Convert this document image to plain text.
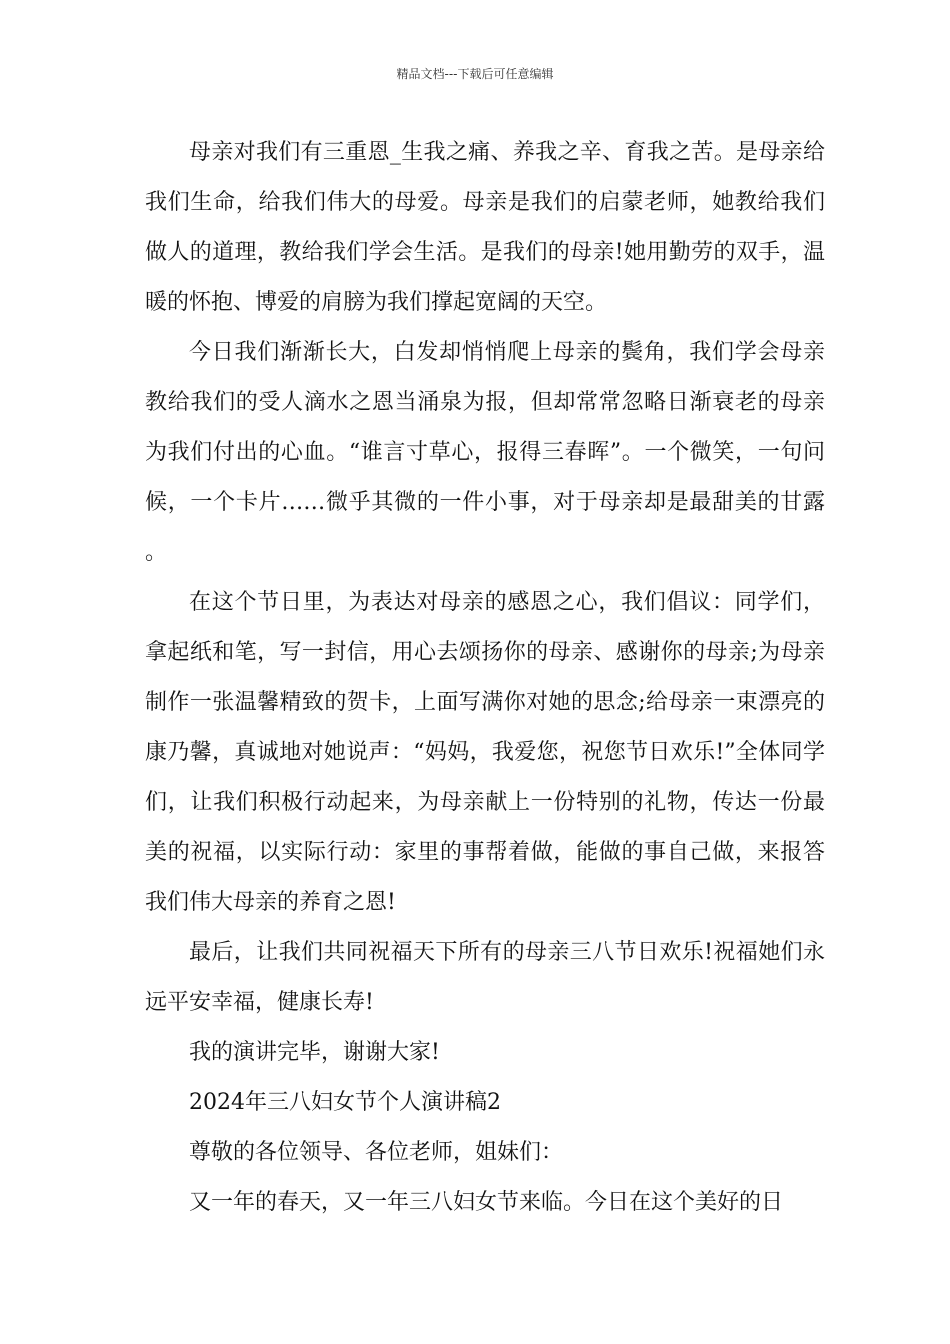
精品文档---下载后可任意编辑

母亲对我们有三重恩_生我之痛、养我之辛、育我之苦。是母亲给我们生命，给我们伟大的母爱。母亲是我们的启蒙老师，她教给我们做人的道理，教给我们学会生活。是我们的母亲!她用勤劳的双手，温暖的怀抱、博爱的肩膀为我们撑起宽阔的天空。

今日我们渐渐长大，白发却悄悄爬上母亲的鬓角，我们学会母亲教给我们的受人滴水之恩当涌泉为报，但却常常忽略日渐衰老的母亲为我们付出的心血。“谁言寸草心，报得三春晖”。一个微笑，一句问候，一个卡片……微乎其微的一件小事，对于母亲却是最甜美的甘露。

在这个节日里，为表达对母亲的感恩之心，我们倡议：同学们，拿起纸和笔，写一封信，用心去颂扬你的母亲、感谢你的母亲;为母亲制作一张温馨精致的贺卡，上面写满你对她的思念;给母亲一束漂亮的康乃馨，真诚地对她说声：“妈妈，我爱您，祝您节日欢乐!”全体同学们，让我们积极行动起来，为母亲献上一份特别的礼物，传达一份最美的祝福，以实际行动：家里的事帮着做，能做的事自己做，来报答我们伟大母亲的养育之恩!

最后，让我们共同祝福天下所有的母亲三八节日欢乐!祝福她们永远平安幸福，健康长寿!

我的演讲完毕，谢谢大家!

2024年三八妇女节个人演讲稿2

尊敬的各位领导、各位老师，姐妹们：

又一年的春天，又一年三八妇女节来临。今日在这个美好的日
